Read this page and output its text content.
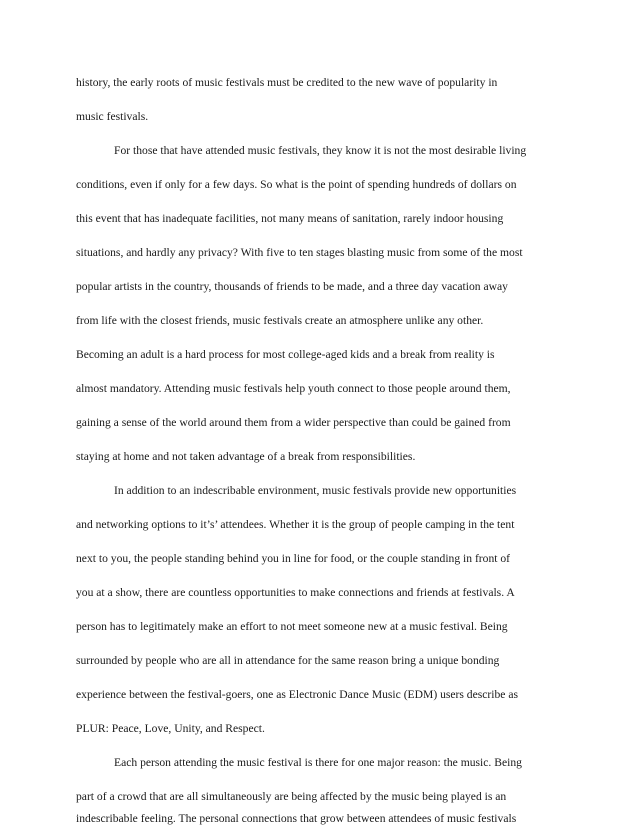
history, the early roots of music festivals must be credited to the new wave of popularity in

music festivals.

For those that have attended music festivals, they know it is not the most desirable living

conditions, even if only for a few days. So what is the point of spending hundreds of dollars on

this event that has inadequate facilities, not many means of sanitation, rarely indoor housing

situations, and hardly any privacy? With five to ten stages blasting music from some of the most

popular artists in the country, thousands of friends to be made, and a three day vacation away

from life with the closest friends, music festivals create an atmosphere unlike any other.

Becoming an adult is a hard process for most college-aged kids and a break from reality is

almost mandatory. Attending music festivals help youth connect to those people around them,

gaining a sense of the world around them from a wider perspective than could be gained from

staying at home and not taken advantage of a break from responsibilities.

In addition to an indescribable environment, music festivals provide new opportunities

and networking options to it’s’ attendees. Whether it is the group of people camping in the tent

next to you, the people standing behind you in line for food, or the couple standing in front of

you at a show, there are countless opportunities to make connections and friends at festivals. A

person has to legitimately make an effort to not meet someone new at a music festival. Being

surrounded by people who are all in attendance for the same reason bring a unique bonding

experience between the festival-goers, one as Electronic Dance Music (EDM) users describe as

PLUR: Peace, Love, Unity, and Respect.

Each person attending the music festival is there for one major reason: the music. Being

part of a crowd that are all simultaneously are being affected by the music being played is an

indescribable feeling. The personal connections that grow between attendees of music festivals
